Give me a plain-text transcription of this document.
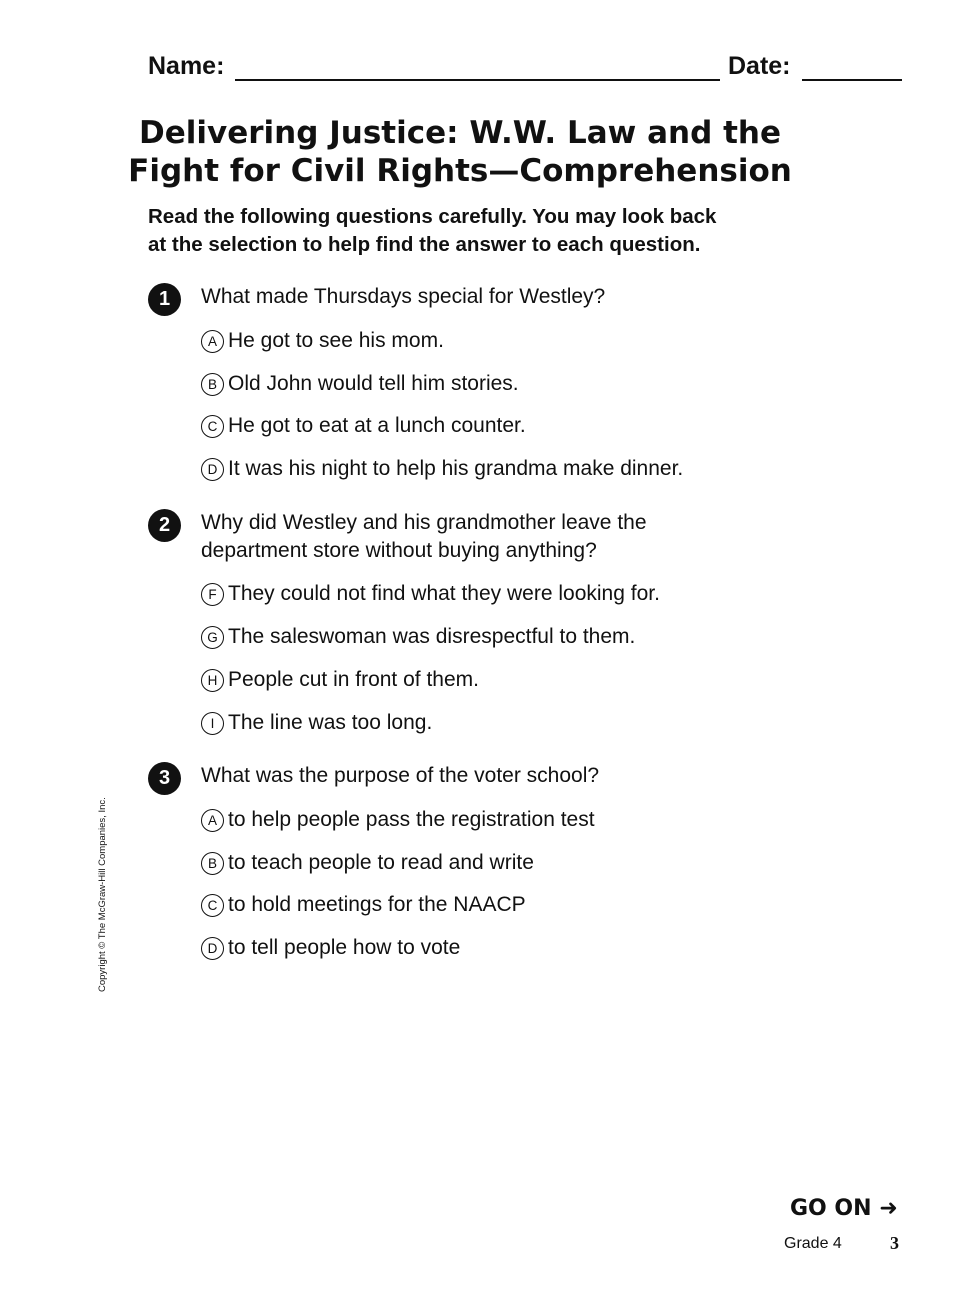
Name:	Date:
Delivering Justice: W.W. Law and the
Fight for Civil Rights—Comprehension
Read the following questions carefully. You may look back
at the selection to help find the answer to each question.
1	What made Thursdays special for Westley?
A He got to see his mom.
B Old John would tell him stories.
C He got to eat at a lunch counter.
D It was his night to help his grandma make dinner.
2	Why did Westley and his grandmother leave the
department store without buying anything?
F They could not find what they were looking for.
G The saleswoman was disrespectful to them.
H People cut in front of them.
I The line was too long.
3	What was the purpose of the voter school?
A to help people pass the registration test
B to teach people to read and write
C to hold meetings for the NAACP
D to tell people how to vote
Copyright © The McGraw-Hill Companies, Inc.
GO ON ➜
Grade 4	3
